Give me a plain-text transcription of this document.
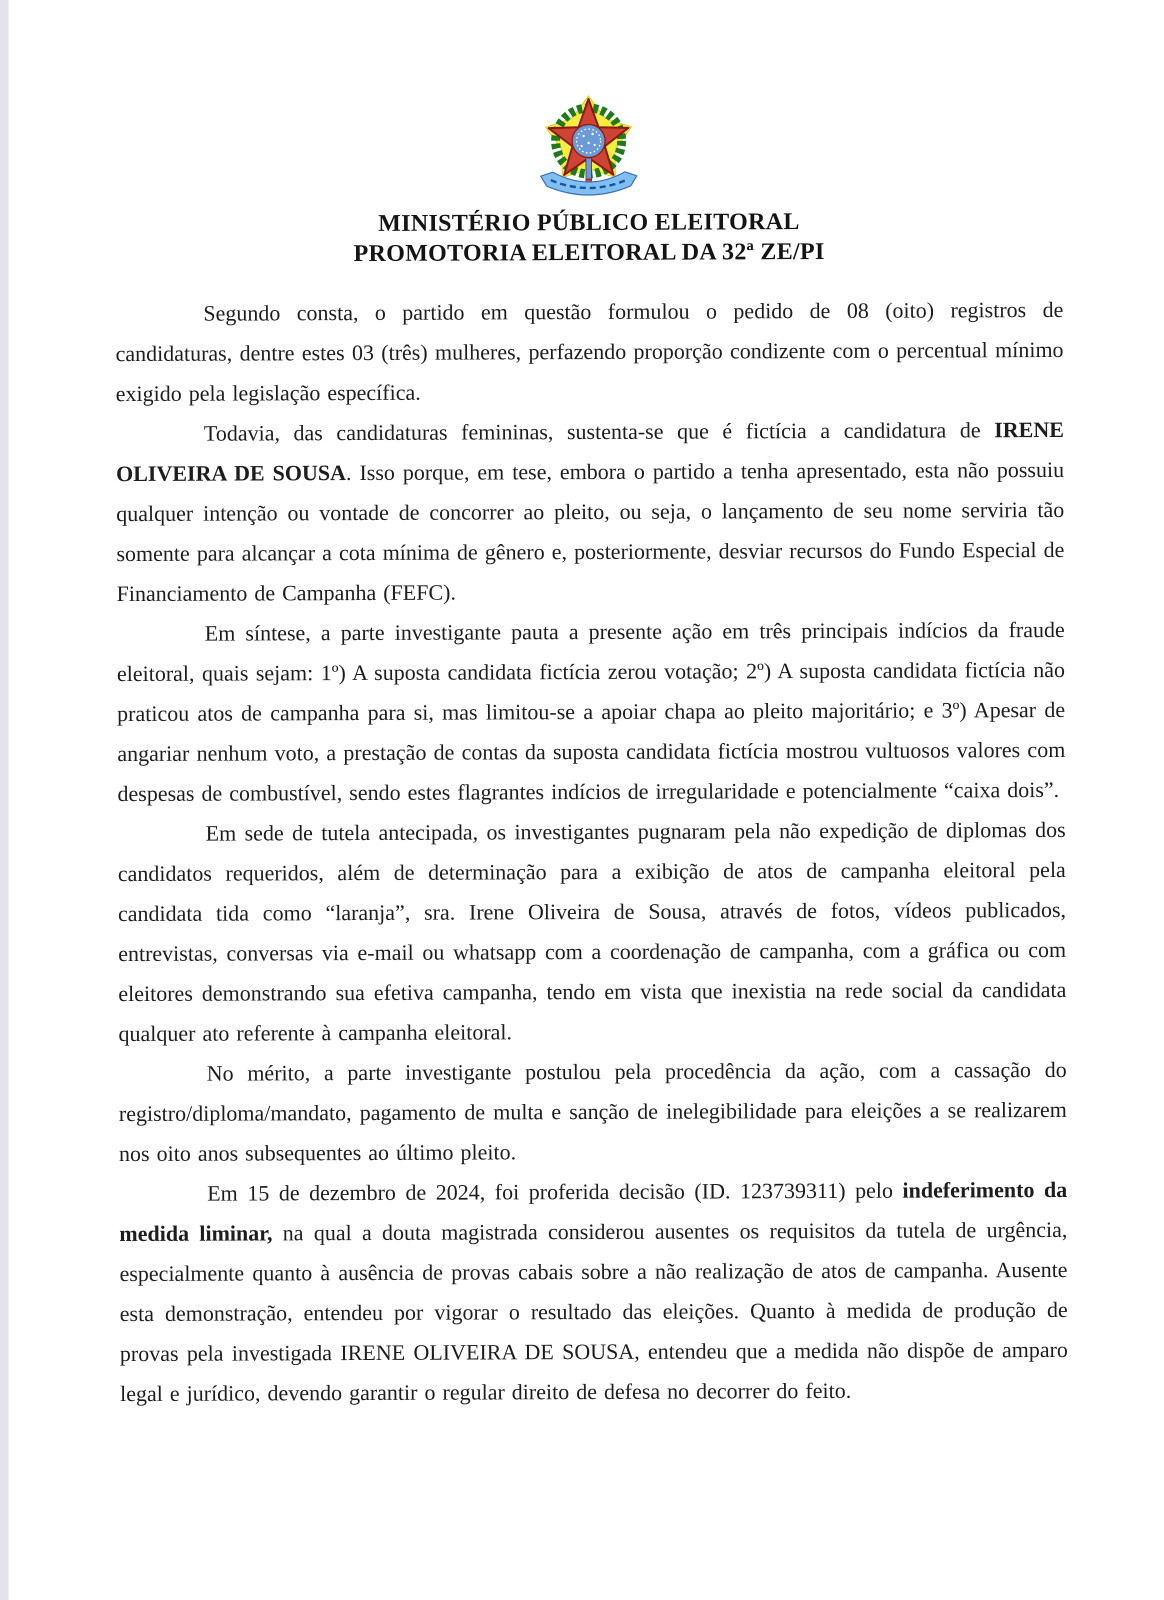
MINISTÉRIO PÚBLICO ELEITORAL
PROMOTORIA ELEITORAL DA 32ª ZE/PI

Segundo consta, o partido em questão formulou o pedido de 08 (oito) registros de candidaturas, dentre estes 03 (três) mulheres, perfazendo proporção condizente com o percentual mínimo exigido pela legislação específica.

Todavia, das candidaturas femininas, sustenta-se que é fictícia a candidatura de IRENE OLIVEIRA DE SOUSA. Isso porque, em tese, embora o partido a tenha apresentado, esta não possuiu qualquer intenção ou vontade de concorrer ao pleito, ou seja, o lançamento de seu nome serviria tão somente para alcançar a cota mínima de gênero e, posteriormente, desviar recursos do Fundo Especial de Financiamento de Campanha (FEFC).

Em síntese, a parte investigante pauta a presente ação em três principais indícios da fraude eleitoral, quais sejam: 1º) A suposta candidata fictícia zerou votação; 2º) A suposta candidata fictícia não praticou atos de campanha para si, mas limitou-se a apoiar chapa ao pleito majoritário; e 3º) Apesar de angariar nenhum voto, a prestação de contas da suposta candidata fictícia mostrou vultuosos valores com despesas de combustível, sendo estes flagrantes indícios de irregularidade e potencialmente “caixa dois”.

Em sede de tutela antecipada, os investigantes pugnaram pela não expedição de diplomas dos candidatos requeridos, além de determinação para a exibição de atos de campanha eleitoral pela candidata tida como “laranja”, sra. Irene Oliveira de Sousa, através de fotos, vídeos publicados, entrevistas, conversas via e-mail ou whatsapp com a coordenação de campanha, com a gráfica ou com eleitores demonstrando sua efetiva campanha, tendo em vista que inexistia na rede social da candidata qualquer ato referente à campanha eleitoral.

No mérito, a parte investigante postulou pela procedência da ação, com a cassação do registro/diploma/mandato, pagamento de multa e sanção de inelegibilidade para eleições a se realizarem nos oito anos subsequentes ao último pleito.

Em 15 de dezembro de 2024, foi proferida decisão (ID. 123739311) pelo indeferimento da medida liminar, na qual a douta magistrada considerou ausentes os requisitos da tutela de urgência, especialmente quanto à ausência de provas cabais sobre a não realização de atos de campanha. Ausente esta demonstração, entendeu por vigorar o resultado das eleições. Quanto à medida de produção de provas pela investigada IRENE OLIVEIRA DE SOUSA, entendeu que a medida não dispõe de amparo legal e jurídico, devendo garantir o regular direito de defesa no decorrer do feito.
